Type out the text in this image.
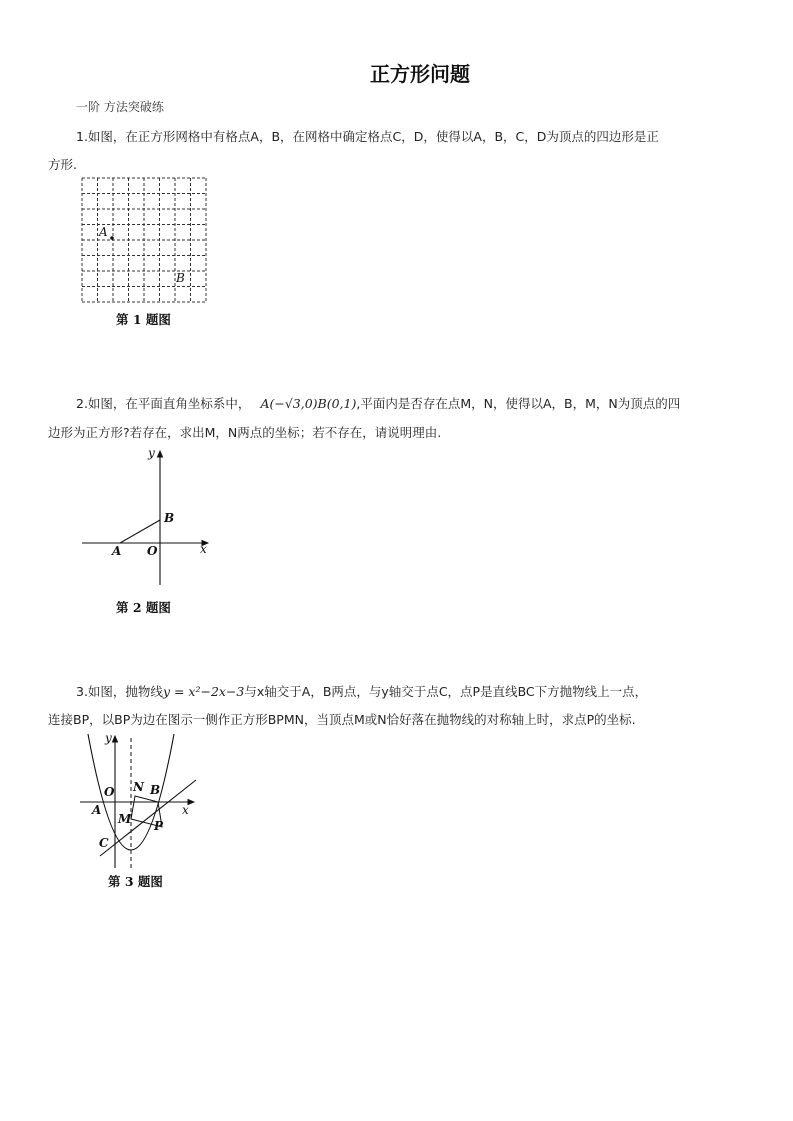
正方形问题
一阶 方法突破练
1.如图，在正方形网格中有格点A，B，在网格中确定格点C，D，使得以A，B，C，D为顶点的四边形是正
方形.
A
B
第 1 题图
2.如图，在平面直角坐标系中， A(−√3,0)B(0,1),平面内是否存在点M，N，使得以A，B，M，N为顶点的四
边形为正方形?若存在，求出M，N两点的坐标；若不存在，请说明理由.
y
x
A O
B
第 2 题图
3.如图，抛物线y = x²−2x−3与x轴交于A，B两点，与y轴交于点C，点P是直线BC下方抛物线上一点，
连接BP，以BP为边在图示一侧作正方形BPMN，当顶点M或N恰好落在抛物线的对称轴上时，求点P的坐标.
y
x
O
A
N B
M P
C
第 3 题图
